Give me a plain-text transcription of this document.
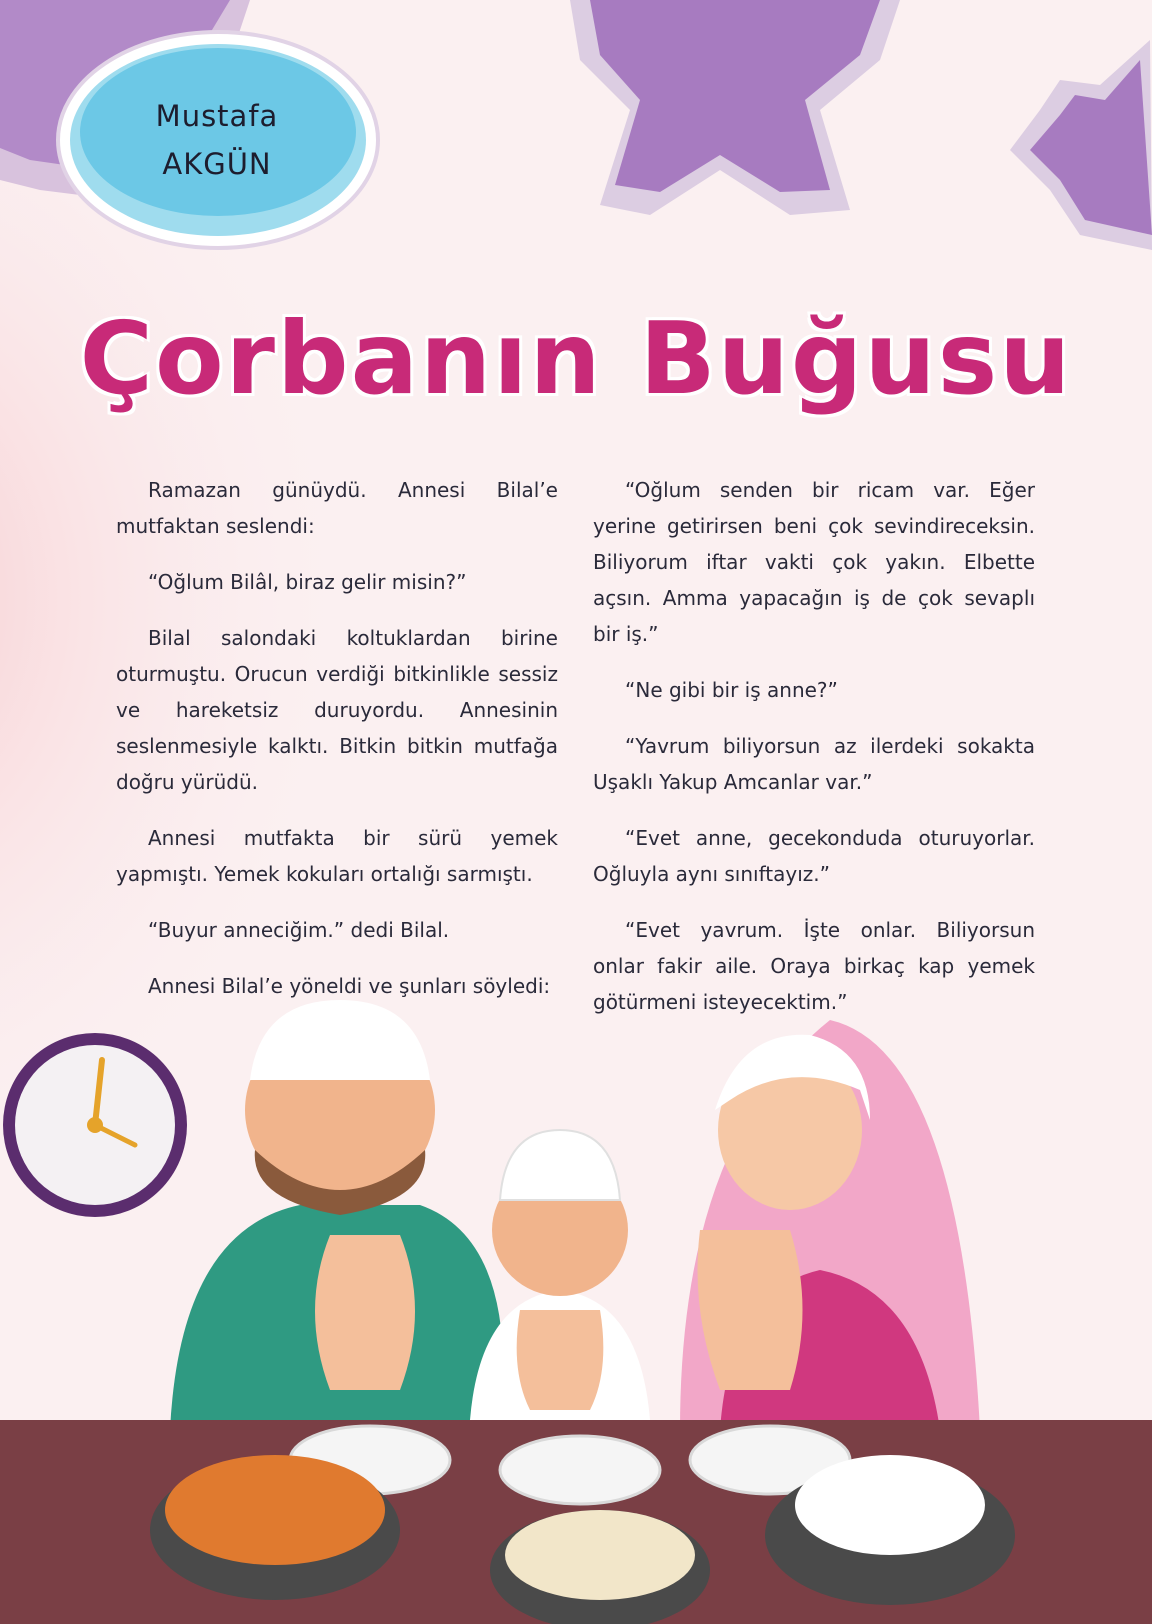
Mustafa
AKGÜN
Çorbanın Buğusu

Ramazan günüydü. Annesi Bilal’e mutfaktan seslendi:

“Oğlum Bilâl, biraz gelir misin?”

Bilal salondaki koltuklardan birine oturmuştu. Orucun verdiği bitkinlikle sessiz ve hareketsiz duruyordu. Annesinin seslenmesiyle kalktı. Bitkin bitkin mutfağa doğru yürüdü.

Annesi mutfakta bir sürü yemek yapmıştı. Yemek kokuları ortalığı sarmıştı.

“Buyur anneciğim.” dedi Bilal.

Annesi Bilal’e yöneldi ve şunları söyledi:

“Oğlum senden bir ricam var. Eğer yerine getirirsen beni çok sevindireceksin. Biliyorum iftar vakti çok yakın. Elbette açsın. Amma yapacağın iş de çok sevaplı bir iş.”

“Ne gibi bir iş anne?”

“Yavrum biliyorsun az ilerdeki sokakta Uşaklı Yakup Amcanlar var.”

“Evet anne, gecekonduda oturuyorlar. Oğluyla aynı sınıftayız.”

“Evet yavrum. İşte onlar. Biliyorsun onlar fakir aile. Oraya birkaç kap yemek götürmeni isteyecektim.”
